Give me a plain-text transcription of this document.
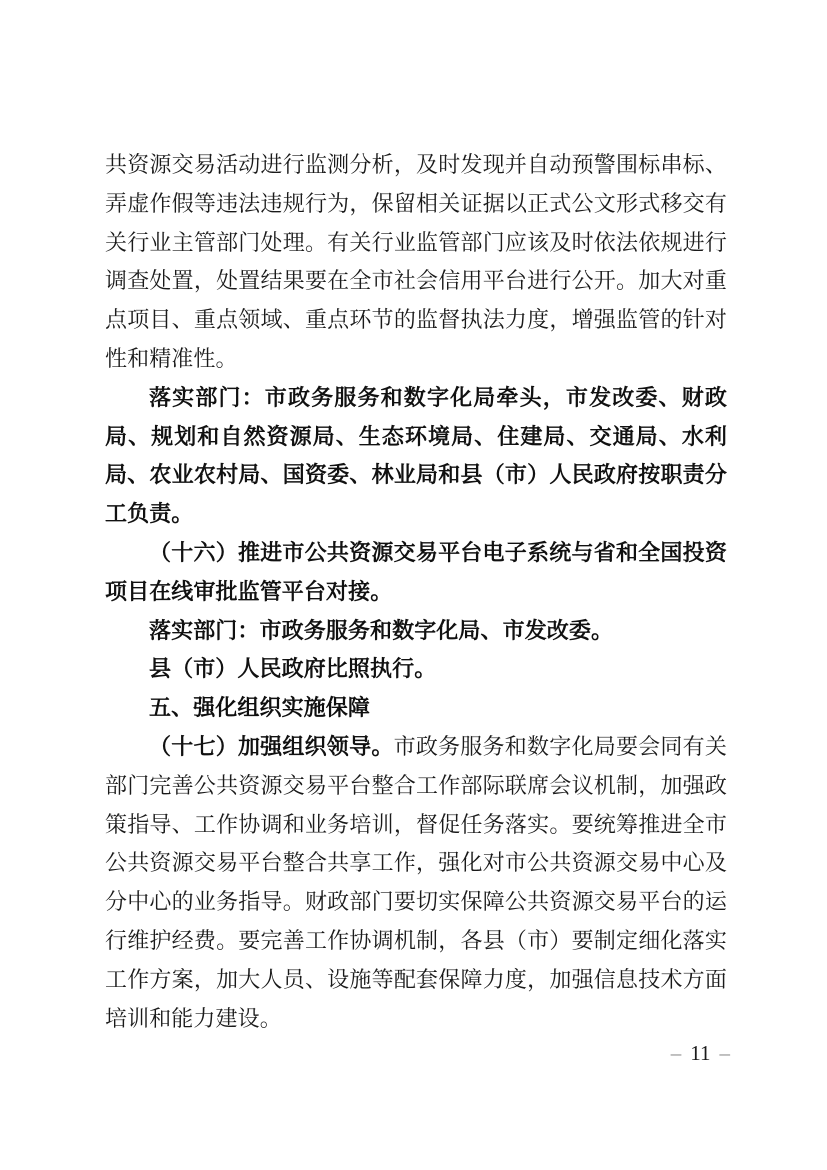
共资源交易活动进行监测分析，及时发现并自动预警围标串标、弄虚作假等违法违规行为，保留相关证据以正式公文形式移交有关行业主管部门处理。有关行业监管部门应该及时依法依规进行调查处置，处置结果要在全市社会信用平台进行公开。加大对重点项目、重点领域、重点环节的监督执法力度，增强监管的针对性和精准性。

落实部门：市政务服务和数字化局牵头，市发改委、财政局、规划和自然资源局、生态环境局、住建局、交通局、水利局、农业农村局、国资委、林业局和县（市）人民政府按职责分工负责。

（十六）推进市公共资源交易平台电子系统与省和全国投资项目在线审批监管平台对接。

落实部门：市政务服务和数字化局、市发改委。

县（市）人民政府比照执行。

五、强化组织实施保障

（十七）加强组织领导。市政务服务和数字化局要会同有关部门完善公共资源交易平台整合工作部际联席会议机制，加强政策指导、工作协调和业务培训，督促任务落实。要统筹推进全市公共资源交易平台整合共享工作，强化对市公共资源交易中心及分中心的业务指导。财政部门要切实保障公共资源交易平台的运行维护经费。要完善工作协调机制，各县（市）要制定细化落实工作方案，加大人员、设施等配套保障力度，加强信息技术方面培训和能力建设。

– 11 –
